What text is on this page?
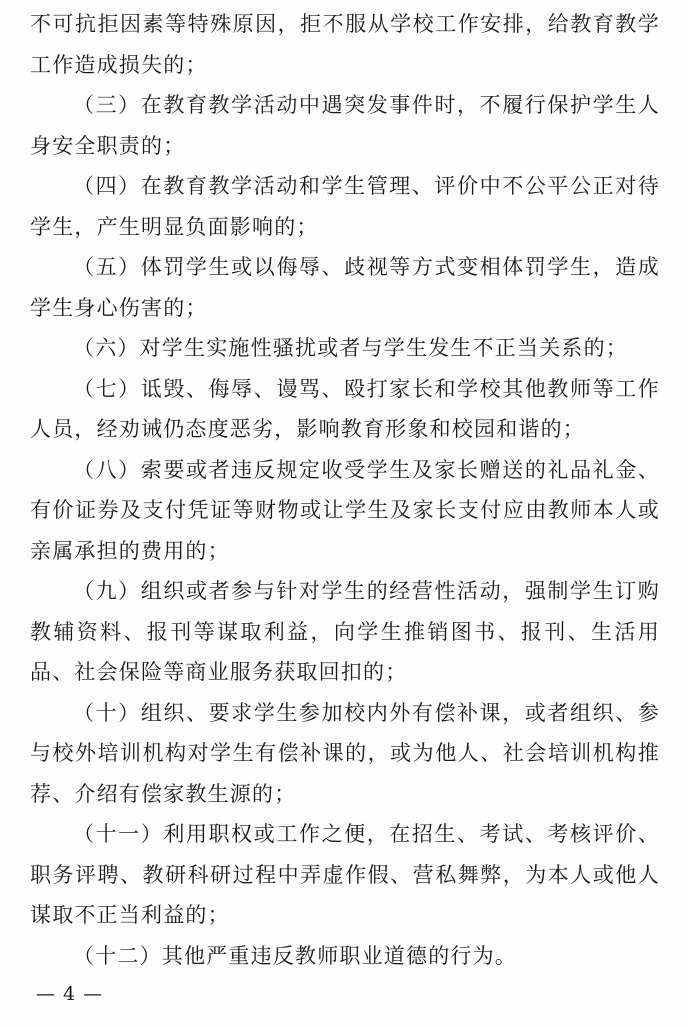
不可抗拒因素等特殊原因，拒不服从学校工作安排，给教育教学工作造成损失的；

（三）在教育教学活动中遇突发事件时，不履行保护学生人身安全职责的；

（四）在教育教学活动和学生管理、评价中不公平公正对待学生，产生明显负面影响的；

（五）体罚学生或以侮辱、歧视等方式变相体罚学生，造成学生身心伤害的；

（六）对学生实施性骚扰或者与学生发生不正当关系的；

（七）诋毁、侮辱、谩骂、殴打家长和学校其他教师等工作人员，经劝诫仍态度恶劣，影响教育形象和校园和谐的；

（八）索要或者违反规定收受学生及家长赠送的礼品礼金、有价证券及支付凭证等财物或让学生及家长支付应由教师本人或亲属承担的费用的；

（九）组织或者参与针对学生的经营性活动，强制学生订购教辅资料、报刊等谋取利益，向学生推销图书、报刊、生活用品、社会保险等商业服务获取回扣的；

（十）组织、要求学生参加校内外有偿补课，或者组织、参与校外培训机构对学生有偿补课的，或为他人、社会培训机构推荐、介绍有偿家教生源的；

（十一）利用职权或工作之便，在招生、考试、考核评价、职务评聘、教研科研过程中弄虚作假、营私舞弊，为本人或他人谋取不正当利益的；

（十二）其他严重违反教师职业道德的行为。

— 4 —
